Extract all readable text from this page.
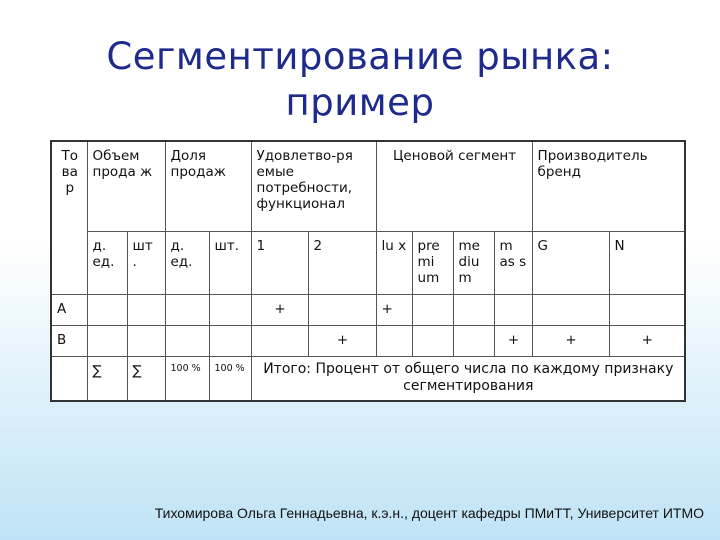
Сегментирование рынка:
пример
То ва р	Объем прода ж		Доля продаж		Удовлетво-ря емые потребности, функционал		Ценовой сегмент				Производитель бренд	
	д. ед.	шт .	д. ед.	шт.	1	2	lu x	pre mi um	me diu m	m as s	G	N
А					+		+					
В						+				+	+	+
	∑	∑	100 %	100 %	Итого: Процент от общего числа по каждому признаку сегментирования							
Тихомирова Ольга Геннадьевна, к.э.н., доцент кафедры ПМиТТ, Университет ИТМО
